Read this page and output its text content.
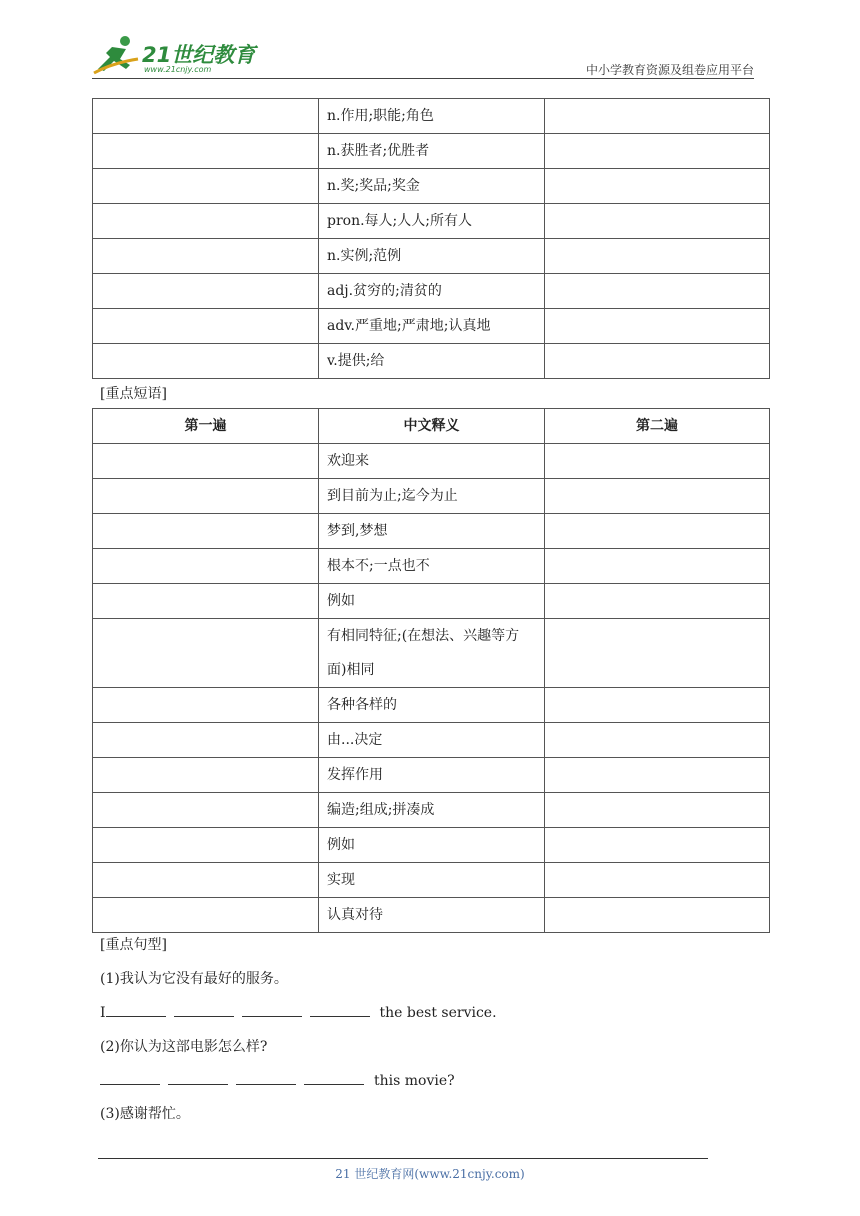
21世纪教育
www.21cnjy.com	中小学教育资源及组卷应用平台
	n.作用;职能;角色	
	n.获胜者;优胜者	
	n.奖;奖品;奖金	
	pron.每人;人人;所有人	
	n.实例;范例	
	adj.贫穷的;清贫的	
	adv.严重地;严肃地;认真地	
	v.提供;给	
[重点短语]
第一遍	中文释义	第二遍
	欢迎来	
	到目前为止;迄今为止	
	梦到,梦想	
	根本不;一点也不	
	例如	
	有相同特征;(在想法、兴趣等方面)相同	
	各种各样的	
	由...决定	
	发挥作用	
	编造;组成;拼凑成	
	例如	
	实现	
	认真对待	
[重点句型]
(1)我认为它没有最好的服务。
I	the best service.
(2)你认为这部电影怎么样?
this movie?
(3)感谢帮忙。
21 世纪教育网(www.21cnjy.com)
